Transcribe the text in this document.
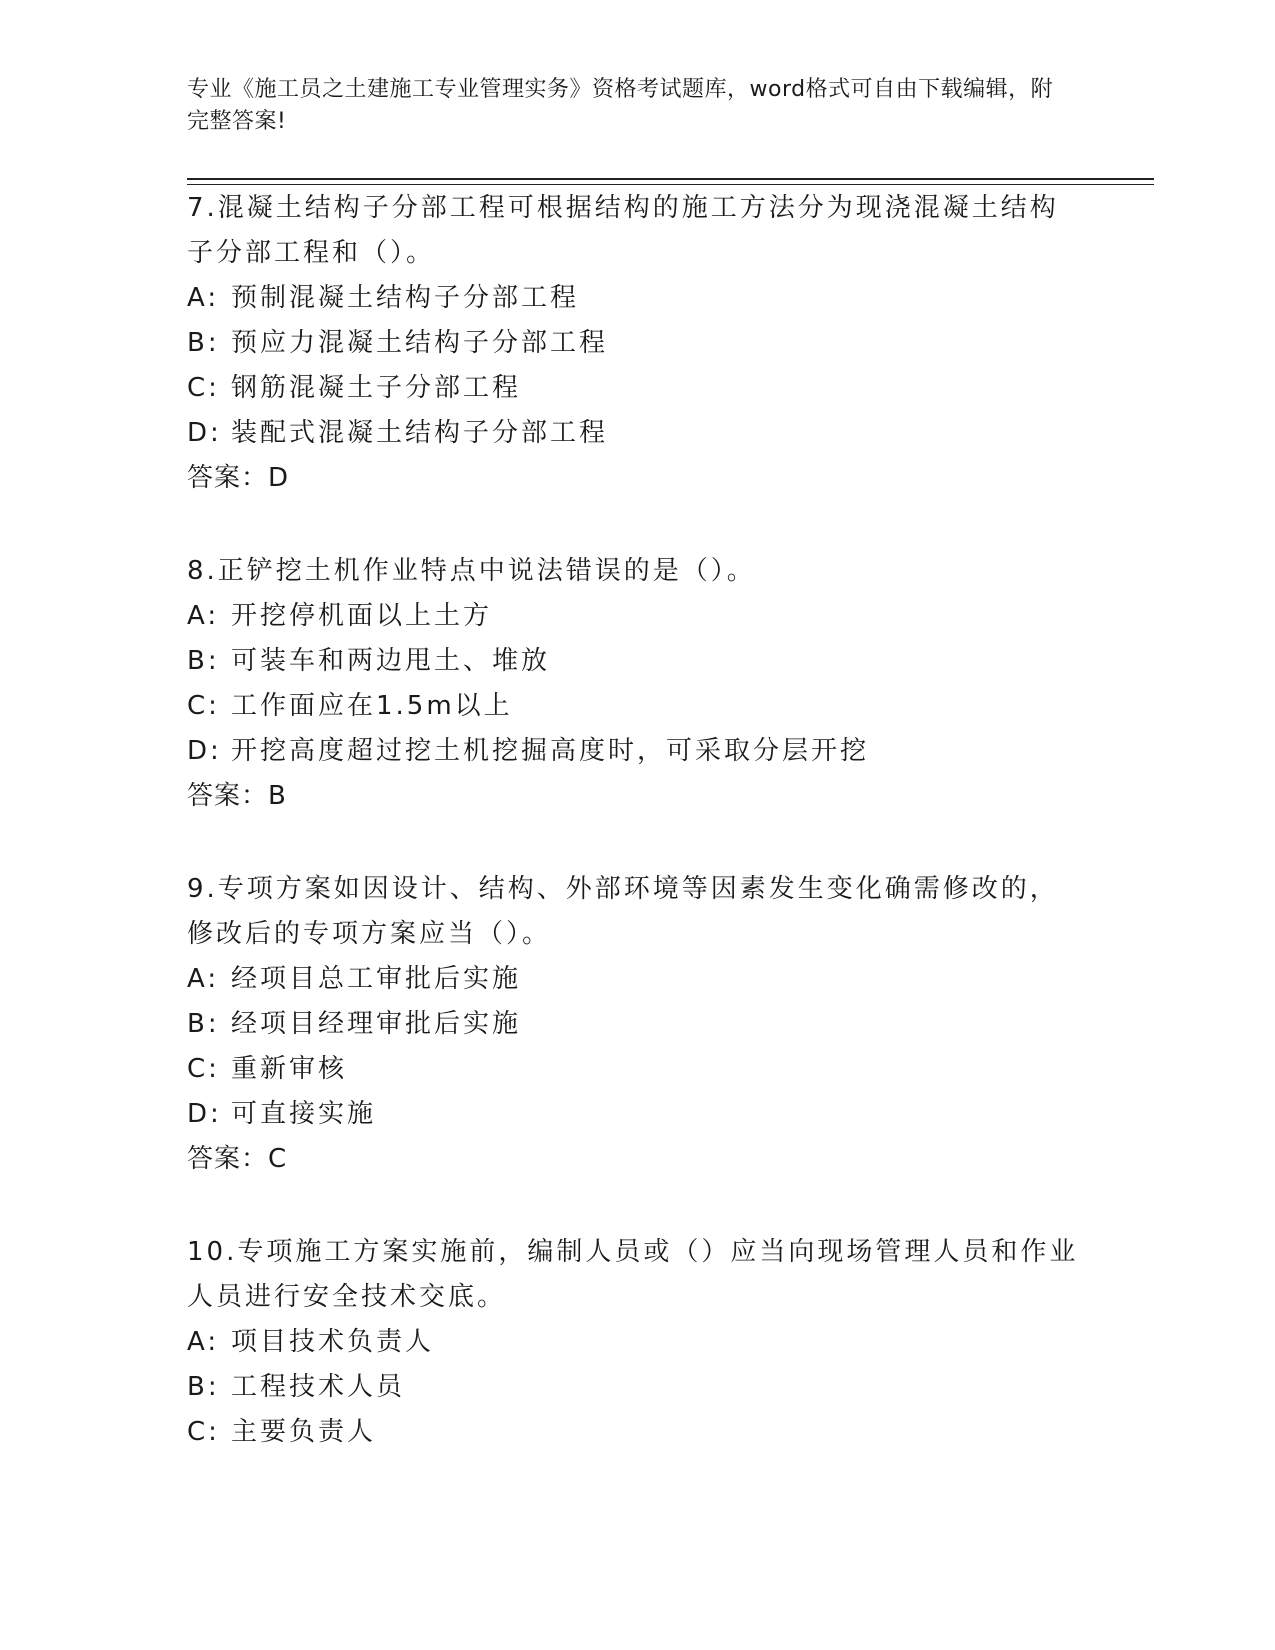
专业《施工员之土建施工专业管理实务》资格考试题库，word格式可自由下载编辑，附完整答案!

7.混凝土结构子分部工程可根据结构的施工方法分为现浇混凝土结构子分部工程和（）。

A: 预制混凝土结构子分部工程

B: 预应力混凝土结构子分部工程

C: 钢筋混凝土子分部工程

D: 装配式混凝土结构子分部工程

答案：D

8.正铲挖土机作业特点中说法错误的是（）。

A: 开挖停机面以上土方

B: 可装车和两边甩土、堆放

C: 工作面应在1.5m以上

D: 开挖高度超过挖土机挖掘高度时，可采取分层开挖

答案：B

9.专项方案如因设计、结构、外部环境等因素发生变化确需修改的，修改后的专项方案应当（）。

A: 经项目总工审批后实施

B: 经项目经理审批后实施

C: 重新审核

D: 可直接实施

答案：C

10.专项施工方案实施前，编制人员或（）应当向现场管理人员和作业人员进行安全技术交底。

A: 项目技术负责人

B: 工程技术人员

C: 主要负责人
